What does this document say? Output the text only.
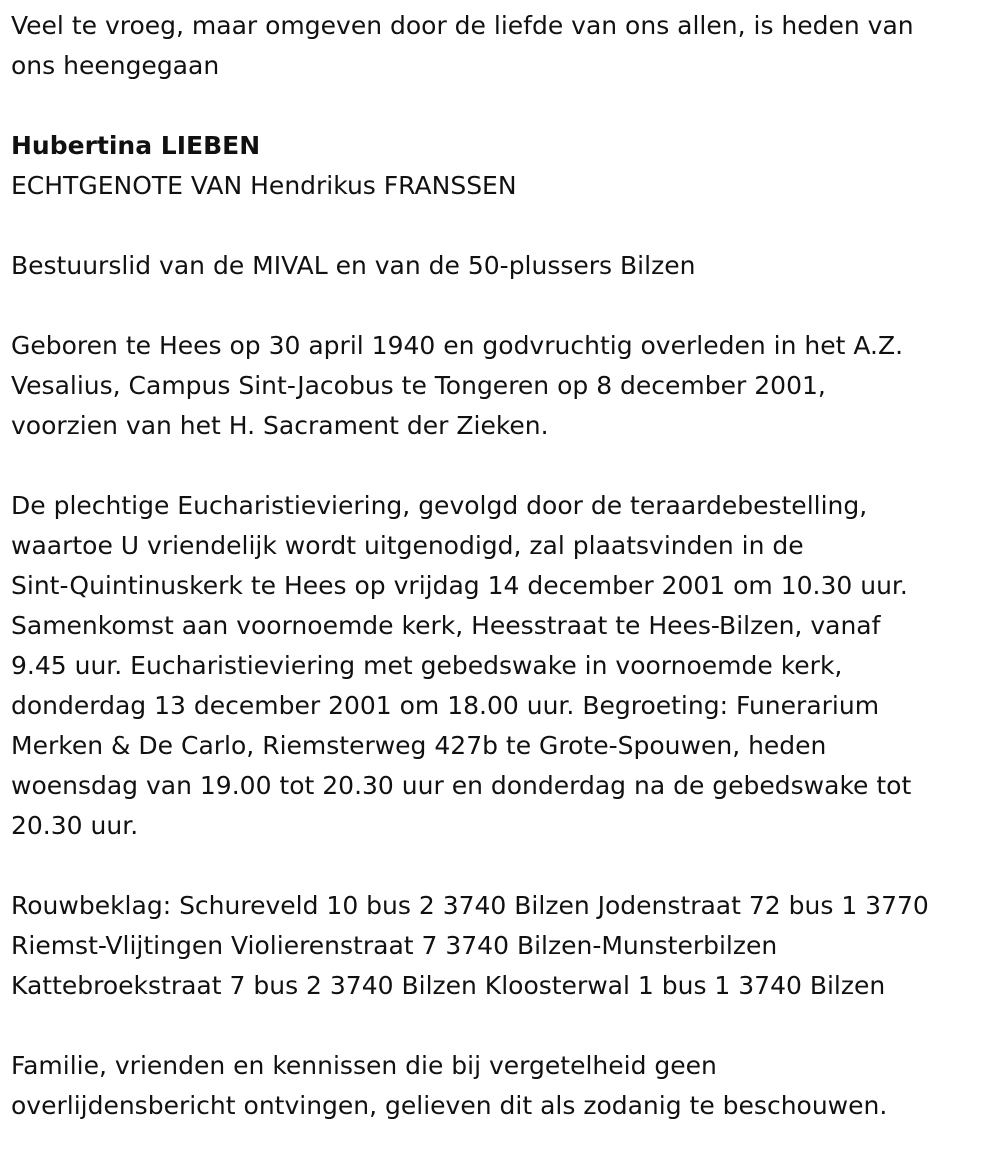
Veel te vroeg, maar omgeven door de liefde van ons allen, is heden van
ons heengegaan

Hubertina LIEBEN

ECHTGENOTE VAN Hendrikus FRANSSEN

Bestuurslid van de MIVAL en van de 50-plussers Bilzen

Geboren te Hees op 30 april 1940 en godvruchtig overleden in het A.Z.
Vesalius, Campus Sint-Jacobus te Tongeren op 8 december 2001,
voorzien van het H. Sacrament der Zieken.

De plechtige Eucharistieviering, gevolgd door de teraardebestelling,
waartoe U vriendelijk wordt uitgenodigd, zal plaatsvinden in de
Sint-Quintinuskerk te Hees op vrijdag 14 december 2001 om 10.30 uur.
Samenkomst aan voornoemde kerk, Heesstraat te Hees-Bilzen, vanaf
9.45 uur. Eucharistieviering met gebedswake in voornoemde kerk,
donderdag 13 december 2001 om 18.00 uur. Begroeting: Funerarium
Merken & De Carlo, Riemsterweg 427b te Grote-Spouwen, heden
woensdag van 19.00 tot 20.30 uur en donderdag na de gebedswake tot
20.30 uur.

Rouwbeklag: Schureveld 10 bus 2 3740 Bilzen Jodenstraat 72 bus 1 3770
Riemst-Vlijtingen Violierenstraat 7 3740 Bilzen-Munsterbilzen
Kattebroekstraat 7 bus 2 3740 Bilzen Kloosterwal 1 bus 1 3740 Bilzen

Familie, vrienden en kennissen die bij vergetelheid geen
overlijdensbericht ontvingen, gelieven dit als zodanig te beschouwen.
